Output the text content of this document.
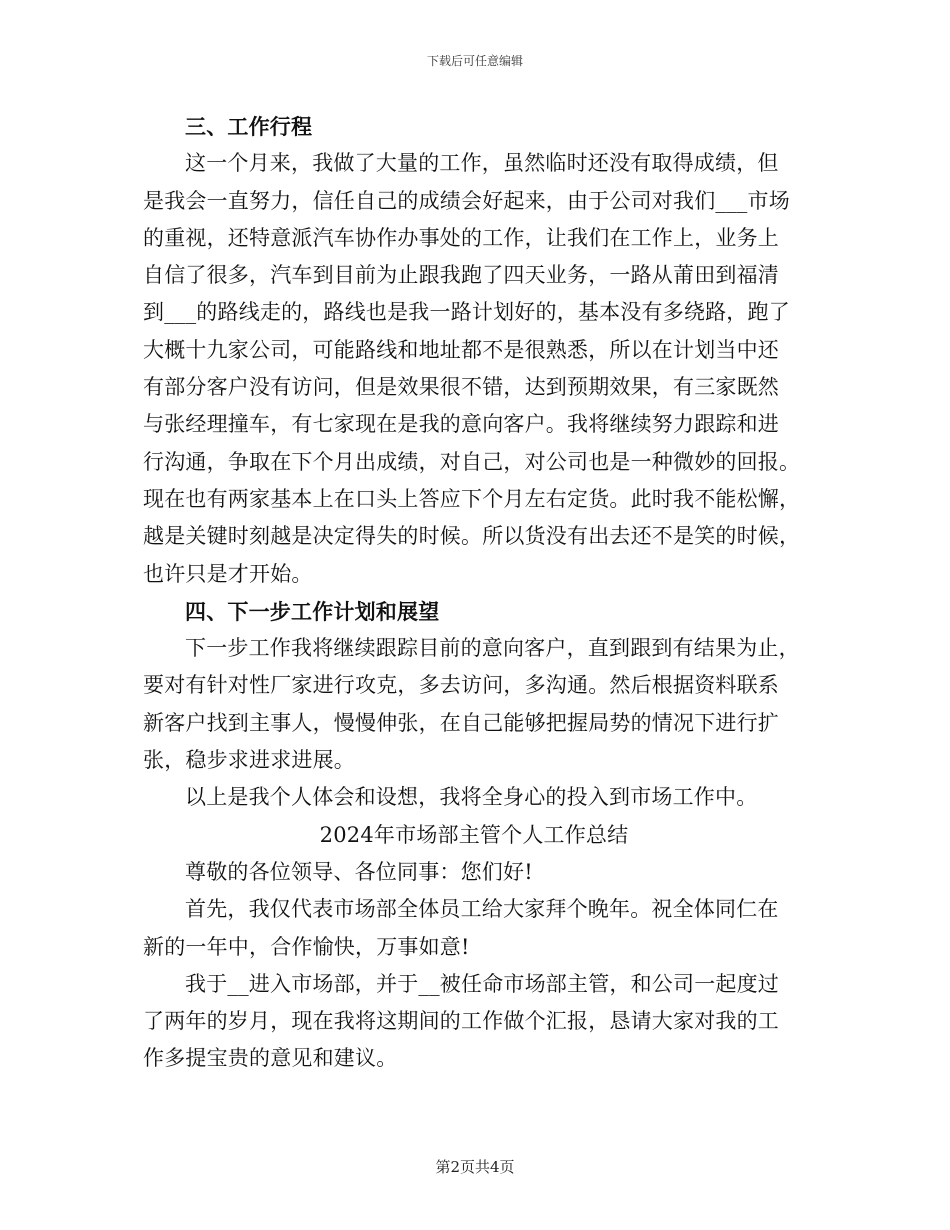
下载后可任意编辑
三、工作行程
这一个月来，我做了大量的工作，虽然临时还没有取得成绩，但
是我会一直努力，信任自己的成绩会好起来，由于公司对我们___市场
的重视，还特意派汽车协作办事处的工作，让我们在工作上，业务上
自信了很多，汽车到目前为止跟我跑了四天业务，一路从莆田到福清
到___的路线走的，路线也是我一路计划好的，基本没有多绕路，跑了
大概十九家公司，可能路线和地址都不是很熟悉，所以在计划当中还
有部分客户没有访问，但是效果很不错，达到预期效果，有三家既然
与张经理撞车，有七家现在是我的意向客户。我将继续努力跟踪和进
行沟通，争取在下个月出成绩，对自己，对公司也是一种微妙的回报。
现在也有两家基本上在口头上答应下个月左右定货。此时我不能松懈，
越是关键时刻越是决定得失的时候。所以货没有出去还不是笑的时候，
也许只是才开始。
四、下一步工作计划和展望
下一步工作我将继续跟踪目前的意向客户，直到跟到有结果为止，
要对有针对性厂家进行攻克，多去访问，多沟通。然后根据资料联系
新客户找到主事人，慢慢伸张，在自己能够把握局势的情况下进行扩
张，稳步求进求进展。
以上是我个人体会和设想，我将全身心的投入到市场工作中。
2024年市场部主管个人工作总结
尊敬的各位领导、各位同事：您们好!
首先，我仅代表市场部全体员工给大家拜个晚年。祝全体同仁在
新的一年中，合作愉快，万事如意!
我于__进入市场部，并于__被任命市场部主管，和公司一起度过
了两年的岁月，现在我将这期间的工作做个汇报，恳请大家对我的工
作多提宝贵的意见和建议。
第2页共4页
